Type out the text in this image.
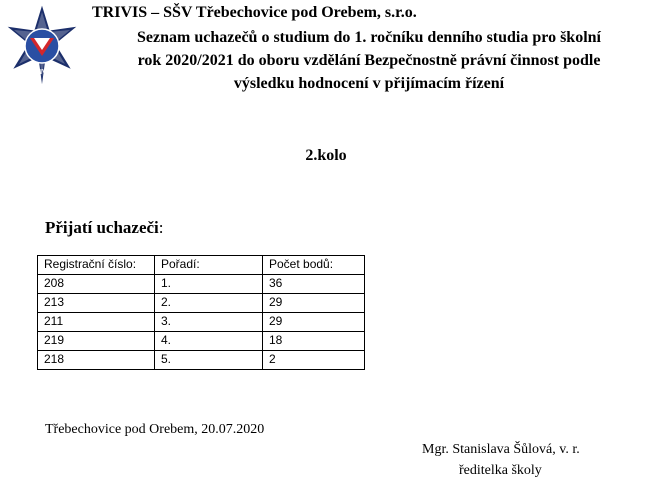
TRIVIS
TRIVIS – SŠV Třebechovice pod Orebem, s.r.o.
Seznam uchazečů o studium do 1. ročníku denního studia pro školní
rok 2020/2021 do oboru vzdělání Bezpečnostně právní činnost podle
výsledku hodnocení v přijímacím řízení
2.kolo
Přijatí uchazeči:
Registrační číslo:	Pořadí:	Počet bodů:
208	1.	36
213	2.	29
211	3.	29
219	4.	18
218	5.	2
Třebechovice pod Orebem, 20.07.2020
Mgr. Stanislava Šůlová, v. r.
ředitelka školy
